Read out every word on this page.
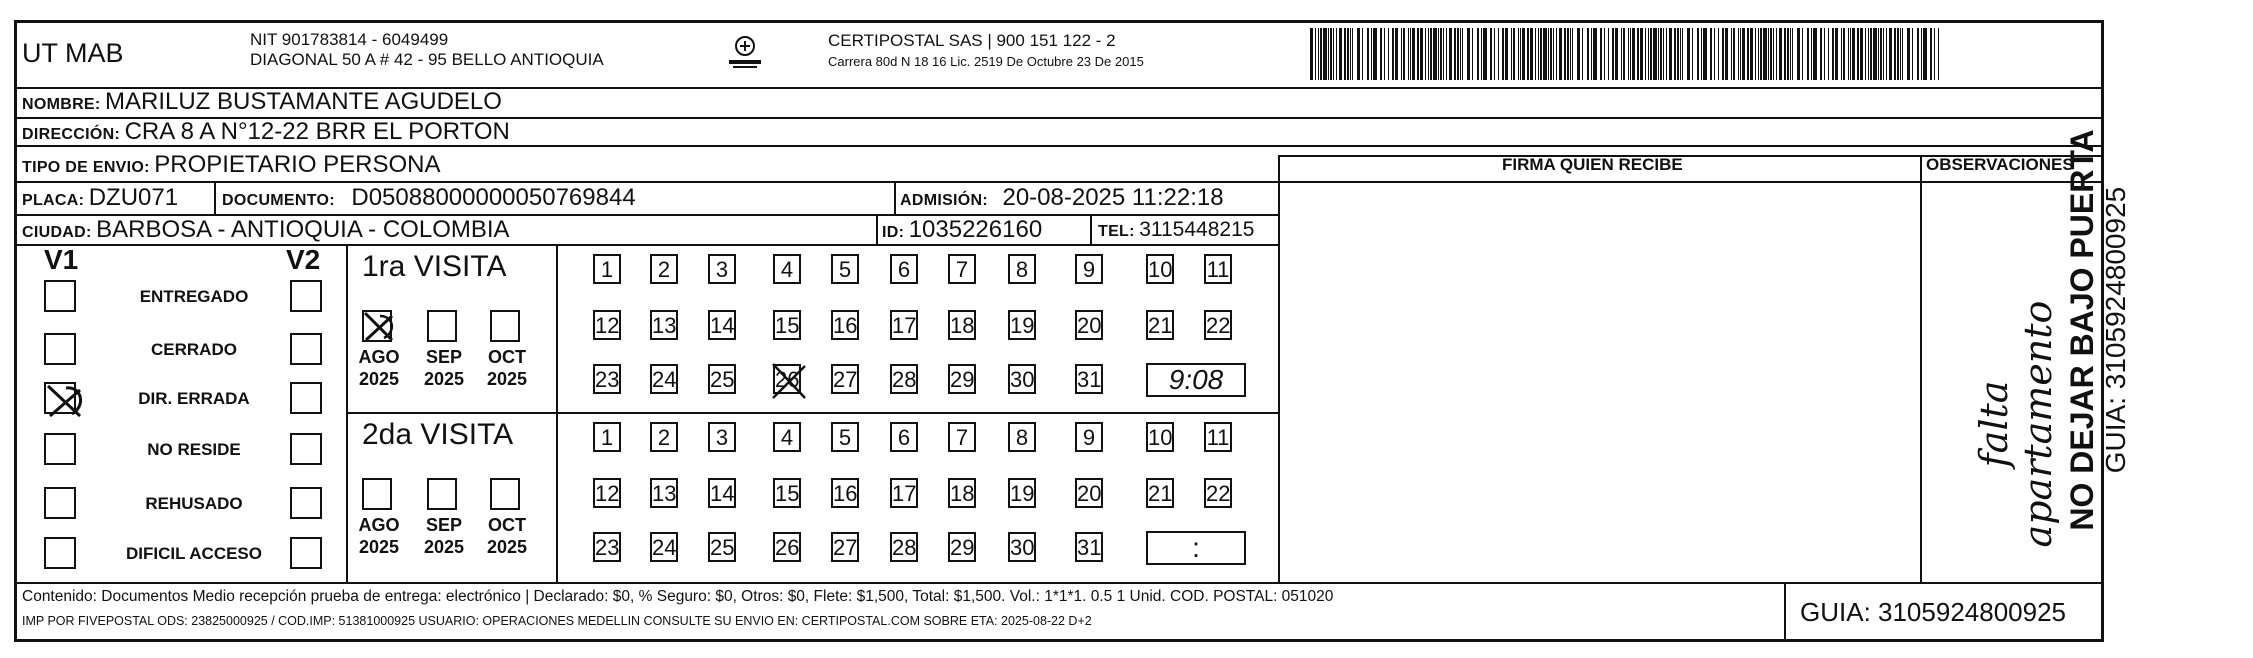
UT MAB	NIT 901783814 - 6049499
DIAGONAL 50 A # 42 - 95 BELLO ANTIOQUIA
CERTIPOSTAL SAS | 900 151 122 - 2
Carrera 80d N 18 16 Lic. 2519 De Octubre 23 De 2015
NOMBRE: MARILUZ BUSTAMANTE AGUDELO
DIRECCIÓN: CRA 8 A N°12-22 BRR EL PORTON
TIPO DE ENVIO: PROPIETARIO PERSONA	FIRMA QUIEN RECIBE	OBSERVACIONES
PLACA: DZU071	DOCUMENTO: D05088000000050769844	ADMISIÓN: 20-08-2025 11:22:18
CIUDAD: BARBOSA - ANTIOQUIA - COLOMBIA	ID: 1035226160	TEL: 3115448215
V1	V2
ENTREGADO
CERRADO
DIR. ERRADA
NO RESIDE
REHUSADO
DIFICIL ACCESO
1ra VISITA
AGO
2025
SEP
2025
OCT
2025
1	2	3	4	5	6	7	8	9	10 11
12 13 14 15 16 17 18 19 20 21 22
23 24 25 26 27 28 29 30 31	9:08
2da VISITA
AGO
2025
SEP
2025
OCT
2025
1	2	3	4	5	6	7	8	9	10 11
12 13 14 15 16 17 18 19 20 21 22
23 24 25 26 27 28 29 30 31	:
falta apartamento NO DEJAR BAJO PUERTA GUIA: 3105924800925
Contenido: Documentos Medio recepción prueba de entrega: electrónico | Declarado: $0, % Seguro: $0, Otros: $0, Flete: $1,500, Total: $1,500. Vol.: 1*1*1. 0.5 1 Unid. COD. POSTAL: 051020
IMP POR FIVEPOSTAL ODS: 23825000925 / COD.IMP: 51381000925 USUARIO: OPERACIONES MEDELLIN CONSULTE SU ENVIO EN: CERTIPOSTAL.COM SOBRE ETA: 2025-08-22 D+2	GUIA: 3105924800925
